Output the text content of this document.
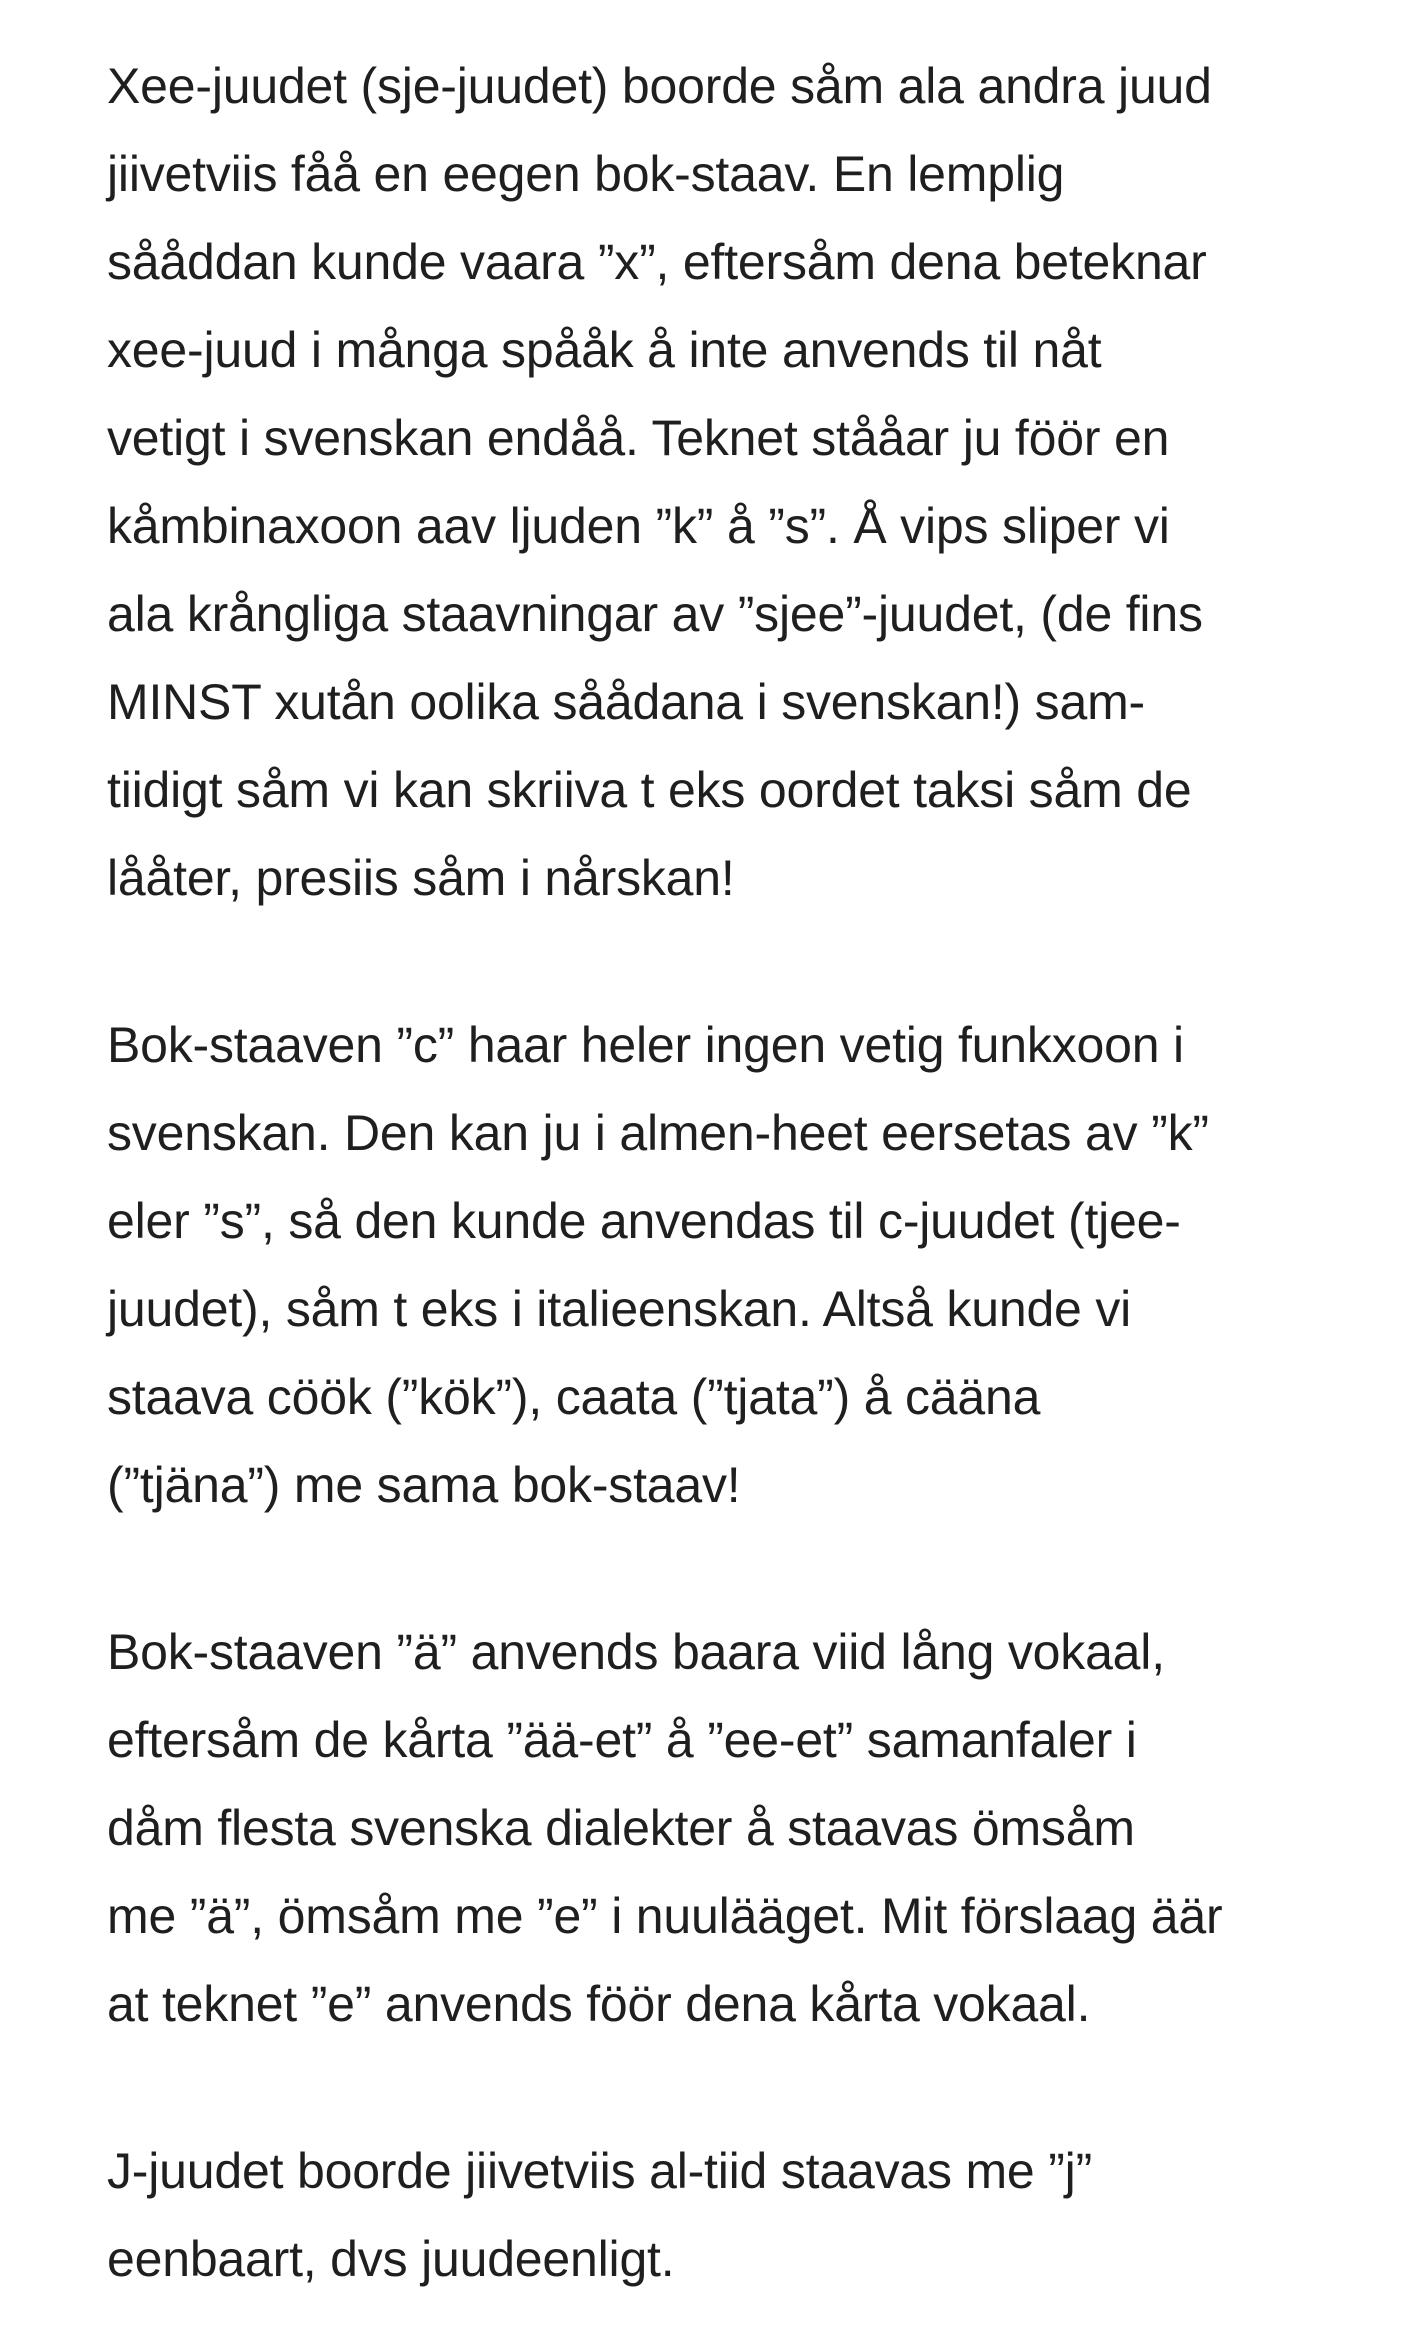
Xee-juudet (sje-juudet) boorde såm ala andra juud
jiivetviis fåå en eegen bok-staav. En lemplig
sååddan kunde vaara ”x”, eftersåm dena beteknar
xee-juud i många spååk å inte anvends til nåt
vetigt i svenskan endåå. Teknet stååar ju föör en
kåmbinaxoon aav ljuden ”k” å ”s”. Å vips sliper vi
ala krångliga staavningar av ”sjee”-juudet, (de fins
MINST xutån oolika såådana i svenskan!) sam-
tiidigt såm vi kan skriiva t eks oordet taksi såm de
lååter, presiis såm i nårskan!

Bok-staaven ”c” haar heler ingen vetig funkxoon i
svenskan. Den kan ju i almen-heet eersetas av ”k”
eler ”s”, så den kunde anvendas til c-juudet (tjee-
juudet), såm t eks i italieenskan. Altså kunde vi
staava cöök (”kök”), caata (”tjata”) å cääna
(”tjäna”) me sama bok-staav!

Bok-staaven ”ä” anvends baara viid lång vokaal,
eftersåm de kårta ”ää-et” å ”ee-et” samanfaler i
dåm flesta svenska dialekter å staavas ömsåm
me ”ä”, ömsåm me ”e” i nuulääget. Mit förslaag äär
at teknet ”e” anvends föör dena kårta vokaal.

J-juudet boorde jiivetviis al-tiid staavas me ”j”
eenbaart, dvs juudeenligt.
